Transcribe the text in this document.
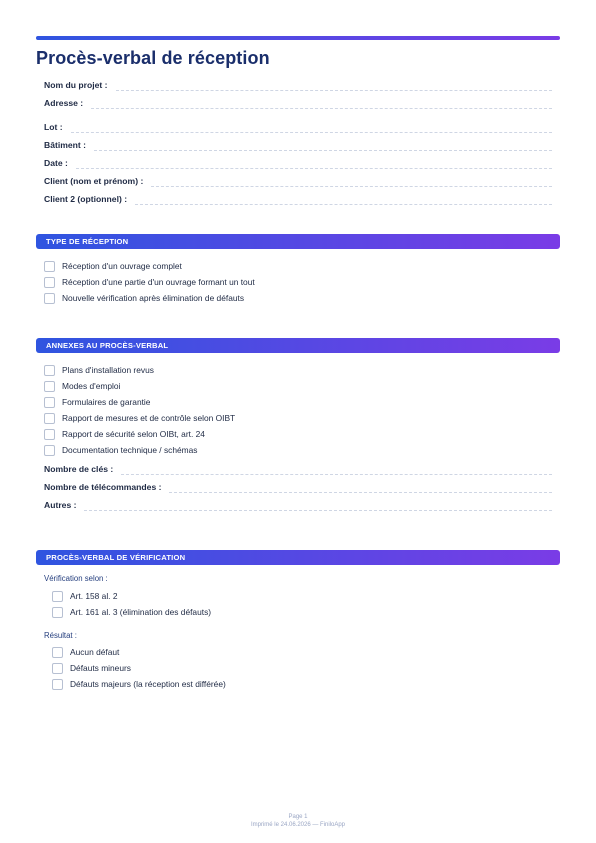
Procès-verbal de réception
Nom du projet :
Adresse :
Lot :
Bâtiment :
Date :
Client (nom et prénom) :
Client 2 (optionnel) :
TYPE DE RÉCEPTION
Réception d'un ouvrage complet
Réception d'une partie d'un ouvrage formant un tout
Nouvelle vérification après élimination de défauts
ANNEXES AU PROCÈS-VERBAL
Plans d'installation revus
Modes d'emploi
Formulaires de garantie
Rapport de mesures et de contrôle selon OIBT
Rapport de sécurité selon OIBt, art. 24
Documentation technique / schémas
Nombre de clés :
Nombre de télécommandes :
Autres :
PROCÈS-VERBAL DE VÉRIFICATION
Vérification selon :
Art. 158 al. 2
Art. 161 al. 3 (élimination des défauts)
Résultat :
Aucun défaut
Défauts mineurs
Défauts majeurs (la réception est différée)
Page 1
Imprimé le 24.06.2026 — FiniloApp
